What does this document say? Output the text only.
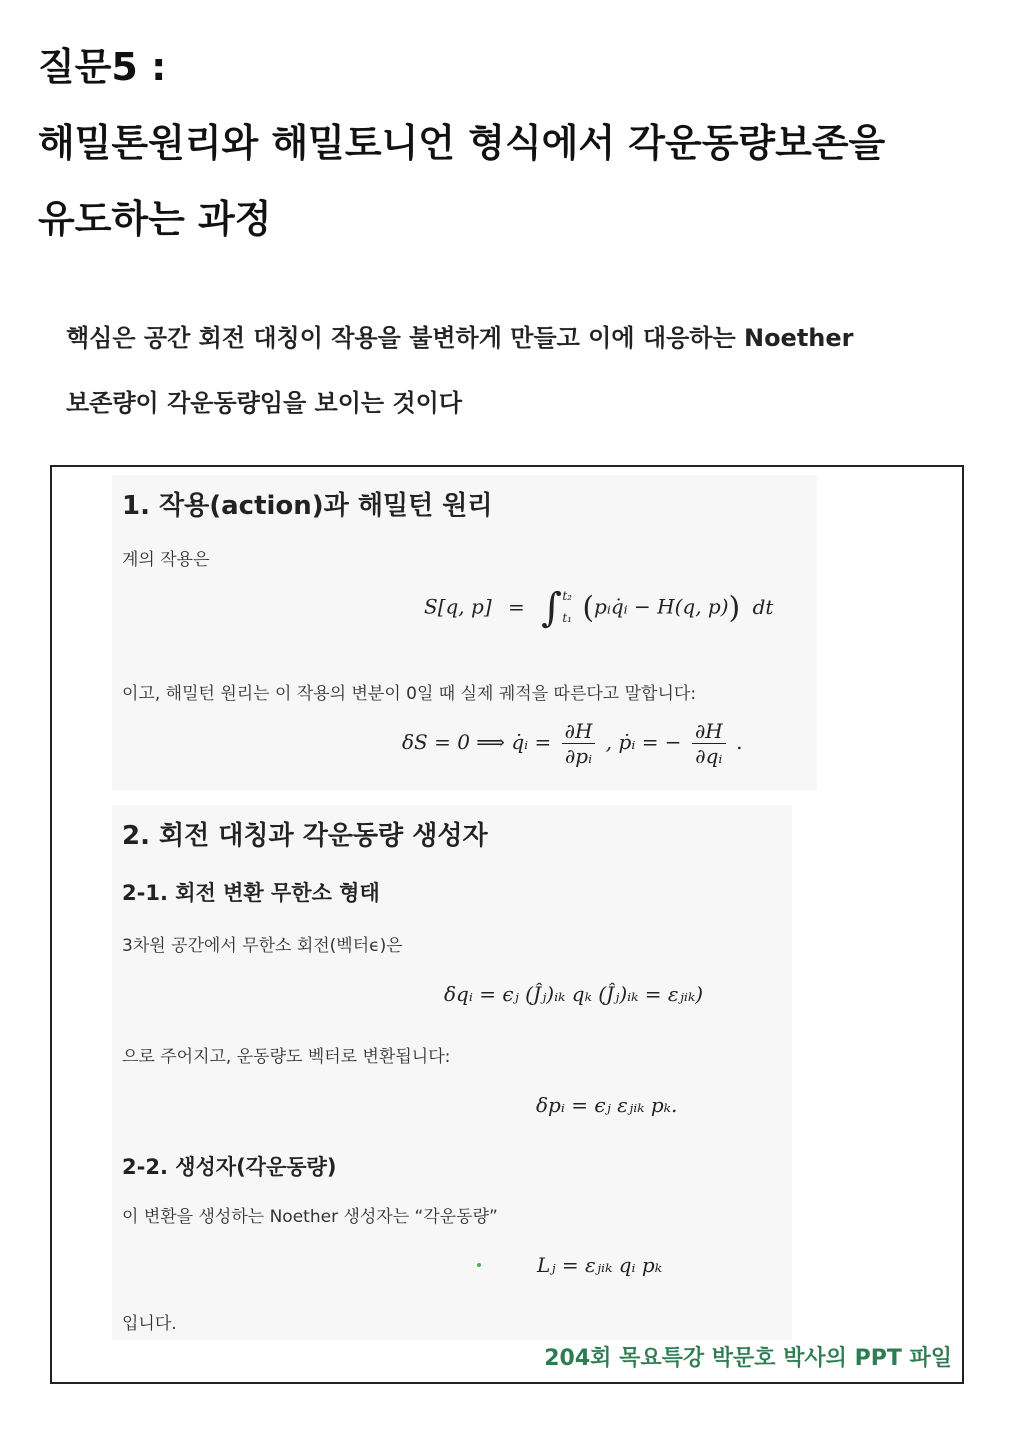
질문5 :
해밀톤원리와 해밀토니언 형식에서 각운동량보존을
유도하는 과정

핵심은 공간 회전 대칭이 작용을 불변하게 만들고 이에 대응하는 Noether

보존량이 각운동량임을 보이는 것이다

1. 작용(action)과 해밀턴 원리

계의 작용은

S[q, p] = ∫ t₂
t₁ (pᵢq̇ᵢ − H(q, p)) dt

이고, 해밀턴 원리는 이 작용의 변분이 0일 때 실제 궤적을 따른다고 말합니다:

δS = 0 ⟹ q̇ᵢ = $\frac{\partial H}{\text{∂pᵢ}}$ , ṗᵢ = − $\frac{\partial H}{\text{∂qᵢ}}$ .
2. 회전 대칭과 각운동량 생성자
2-1. 회전 변환 무한소 형태

3차원 공간에서 무한소 회전(벡터ϵ)은

δqᵢ = ϵⱼ (Ĵⱼ)ᵢₖ qₖ (Ĵⱼ)ᵢₖ = εⱼᵢₖ)

으로 주어지고, 운동량도 벡터로 변환됩니다:

δpᵢ = ϵⱼ εⱼᵢₖ pₖ.

2-2. 생성자(각운동량)

이 변환을 생성하는 Noether 생성자는 “각운동량”

Lⱼ = εⱼᵢₖ qᵢ pₖ

입니다.

204회 목요특강 박문호 박사의 PPT 파일
